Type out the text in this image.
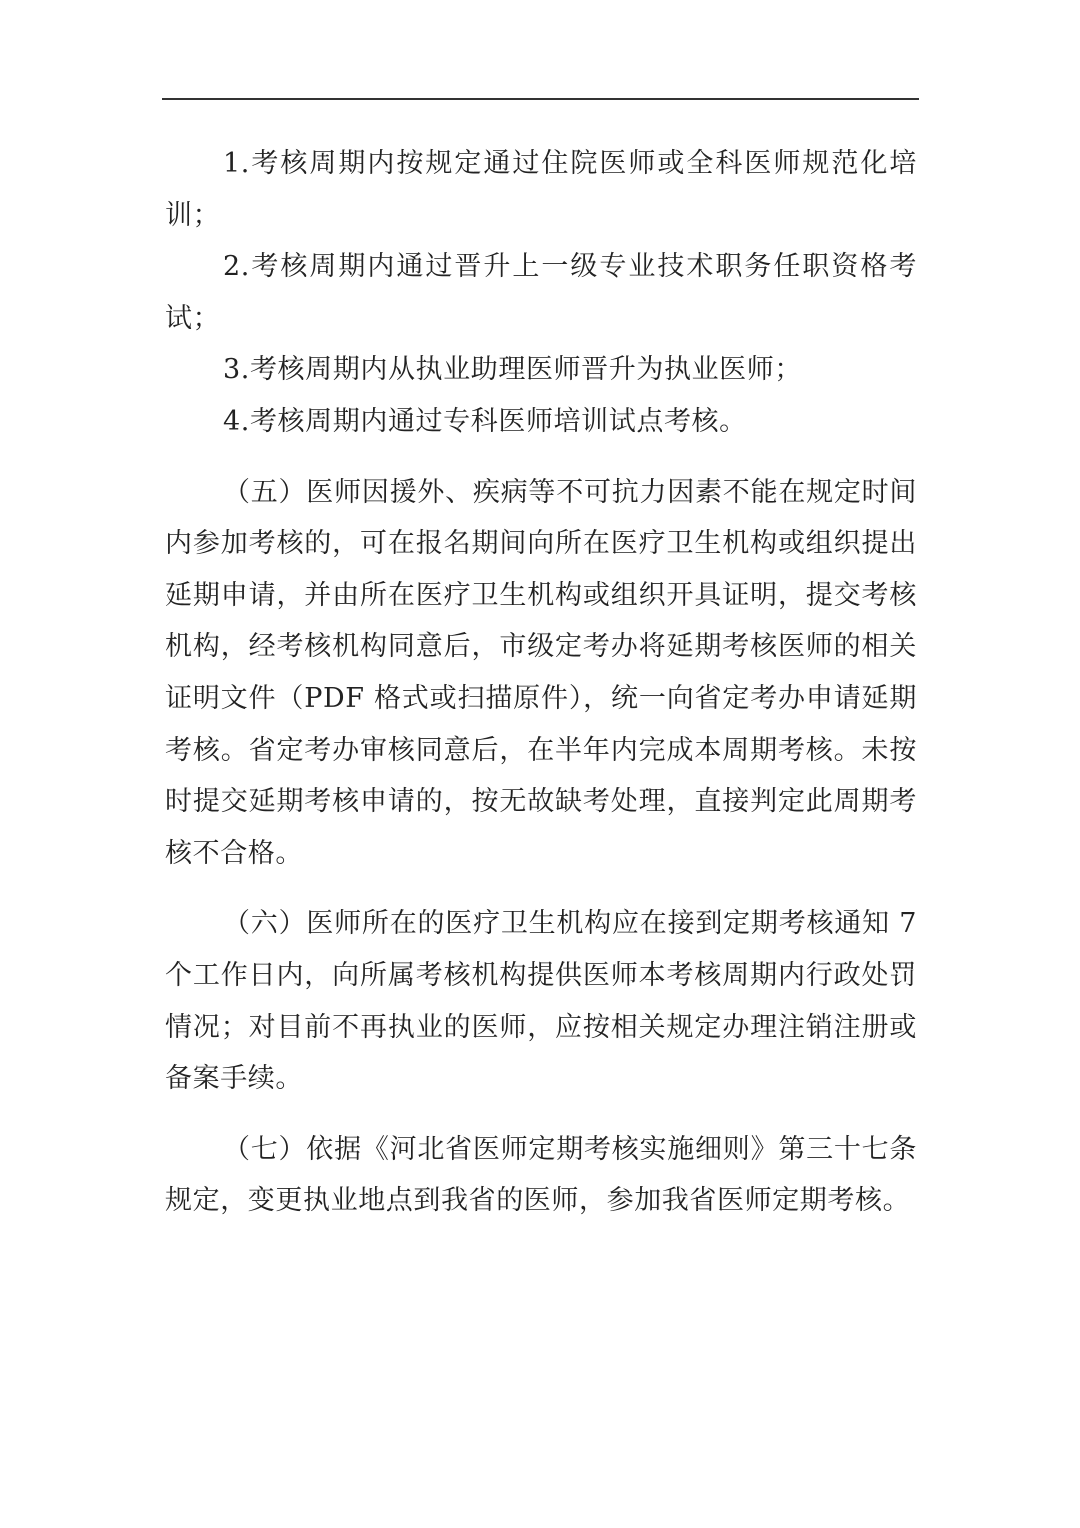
1.考核周期内按规定通过住院医师或全科医师规范化培训；

2.考核周期内通过晋升上一级专业技术职务任职资格考试；

3.考核周期内从执业助理医师晋升为执业医师；

4.考核周期内通过专科医师培训试点考核。

（五）医师因援外、疾病等不可抗力因素不能在规定时间内参加考核的，可在报名期间向所在医疗卫生机构或组织提出延期申请，并由所在医疗卫生机构或组织开具证明，提交考核机构，经考核机构同意后，市级定考办将延期考核医师的相关证明文件（PDF 格式或扫描原件），统一向省定考办申请延期考核。省定考办审核同意后，在半年内完成本周期考核。未按时提交延期考核申请的，按无故缺考处理，直接判定此周期考核不合格。

（六）医师所在的医疗卫生机构应在接到定期考核通知 7 个工作日内，向所属考核机构提供医师本考核周期内行政处罚情况；对目前不再执业的医师，应按相关规定办理注销注册或备案手续。

（七）依据《河北省医师定期考核实施细则》第三十七条规定，变更执业地点到我省的医师，参加我省医师定期考核。
